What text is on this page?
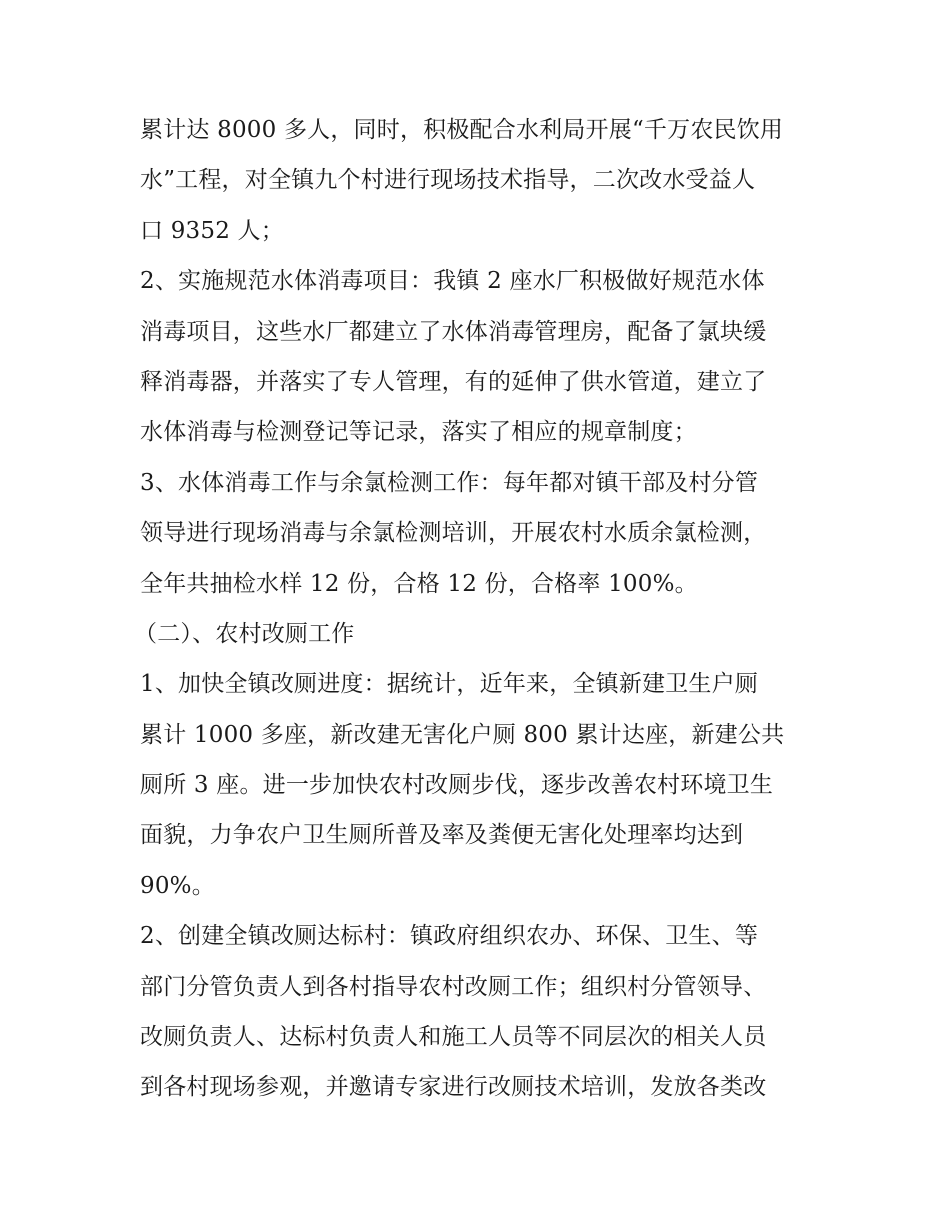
累计达 8000 多人，同时，积极配合水利局开展“千万农民饮用
水”工程，对全镇九个村进行现场技术指导，二次改水受益人
口 9352 人；
2、实施规范水体消毒项目：我镇 2 座水厂积极做好规范水体
消毒项目，这些水厂都建立了水体消毒管理房，配备了氯块缓
释消毒器，并落实了专人管理，有的延伸了供水管道，建立了
水体消毒与检测登记等记录，落实了相应的规章制度；
3、水体消毒工作与余氯检测工作：每年都对镇干部及村分管
领导进行现场消毒与余氯检测培训，开展农村水质余氯检测，
全年共抽检水样 12 份，合格 12 份，合格率 100%。
（二）、农村改厕工作
1、加快全镇改厕进度：据统计，近年来，全镇新建卫生户厕
累计 1000 多座，新改建无害化户厕 800 累计达座，新建公共
厕所 3 座。进一步加快农村改厕步伐，逐步改善农村环境卫生
面貌，力争农户卫生厕所普及率及粪便无害化处理率均达到
90%。
2、创建全镇改厕达标村：镇政府组织农办、环保、卫生、等
部门分管负责人到各村指导农村改厕工作；组织村分管领导、
改厕负责人、达标村负责人和施工人员等不同层次的相关人员
到各村现场参观，并邀请专家进行改厕技术培训，发放各类改
